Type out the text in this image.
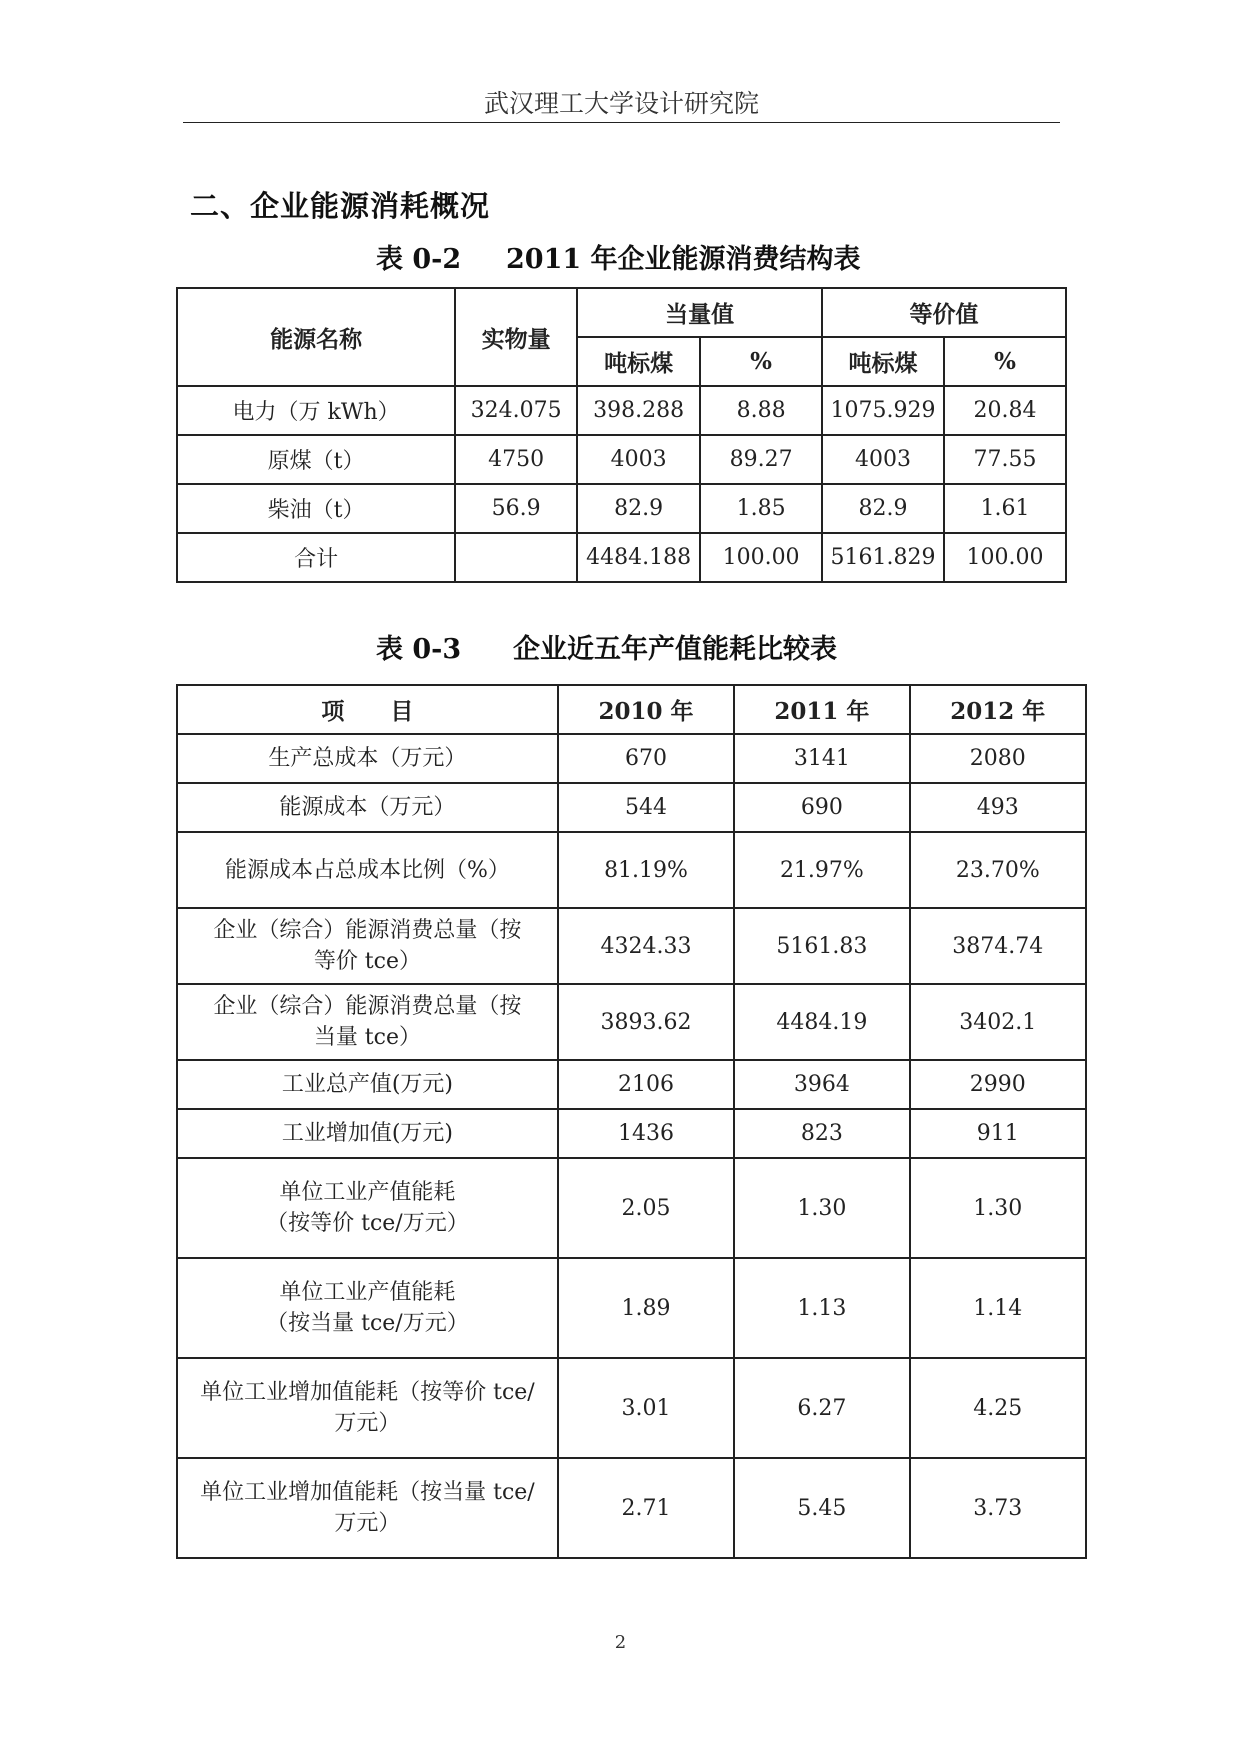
武汉理工大学设计研究院
二、企业能源消耗概况
表 0-2 2011 年企业能源消费结构表
能源名称	实物量	当量值		等价值	
		吨标煤	%	吨标煤	%
电力（万 kWh）	324.075	398.288	8.88	1075.929	20.84
原煤（t）	4750	4003	89.27	4003	77.55
柴油（t）	56.9	82.9	1.85	82.9	1.61
合计		4484.188	100.00	5161.829	100.00
表 0-3 企业近五年产值能耗比较表
项　　目	2010 年	2011 年	2012 年
生产总成本（万元）	670	3141	2080
能源成本（万元）	544	690	493
能源成本占总成本比例（%）	81.19%	21.97%	23.70%

企业（综合）能源消费总量（按
等价 tce）	4324.33	5161.83	3874.74

企业（综合）能源消费总量（按
当量 tce）	3893.62	4484.19	3402.1
工业总产值(万元)	2106	3964	2990
工业增加值(万元)	1436	823	911

单位工业产值能耗
（按等价 tce/万元）	2.05	1.30	1.30

单位工业产值能耗
（按当量 tce/万元）	1.89	1.13	1.14

单位工业增加值能耗（按等价 tce/
万元）	3.01	6.27	4.25

单位工业增加值能耗（按当量 tce/
万元）	2.71	5.45	3.73
2
